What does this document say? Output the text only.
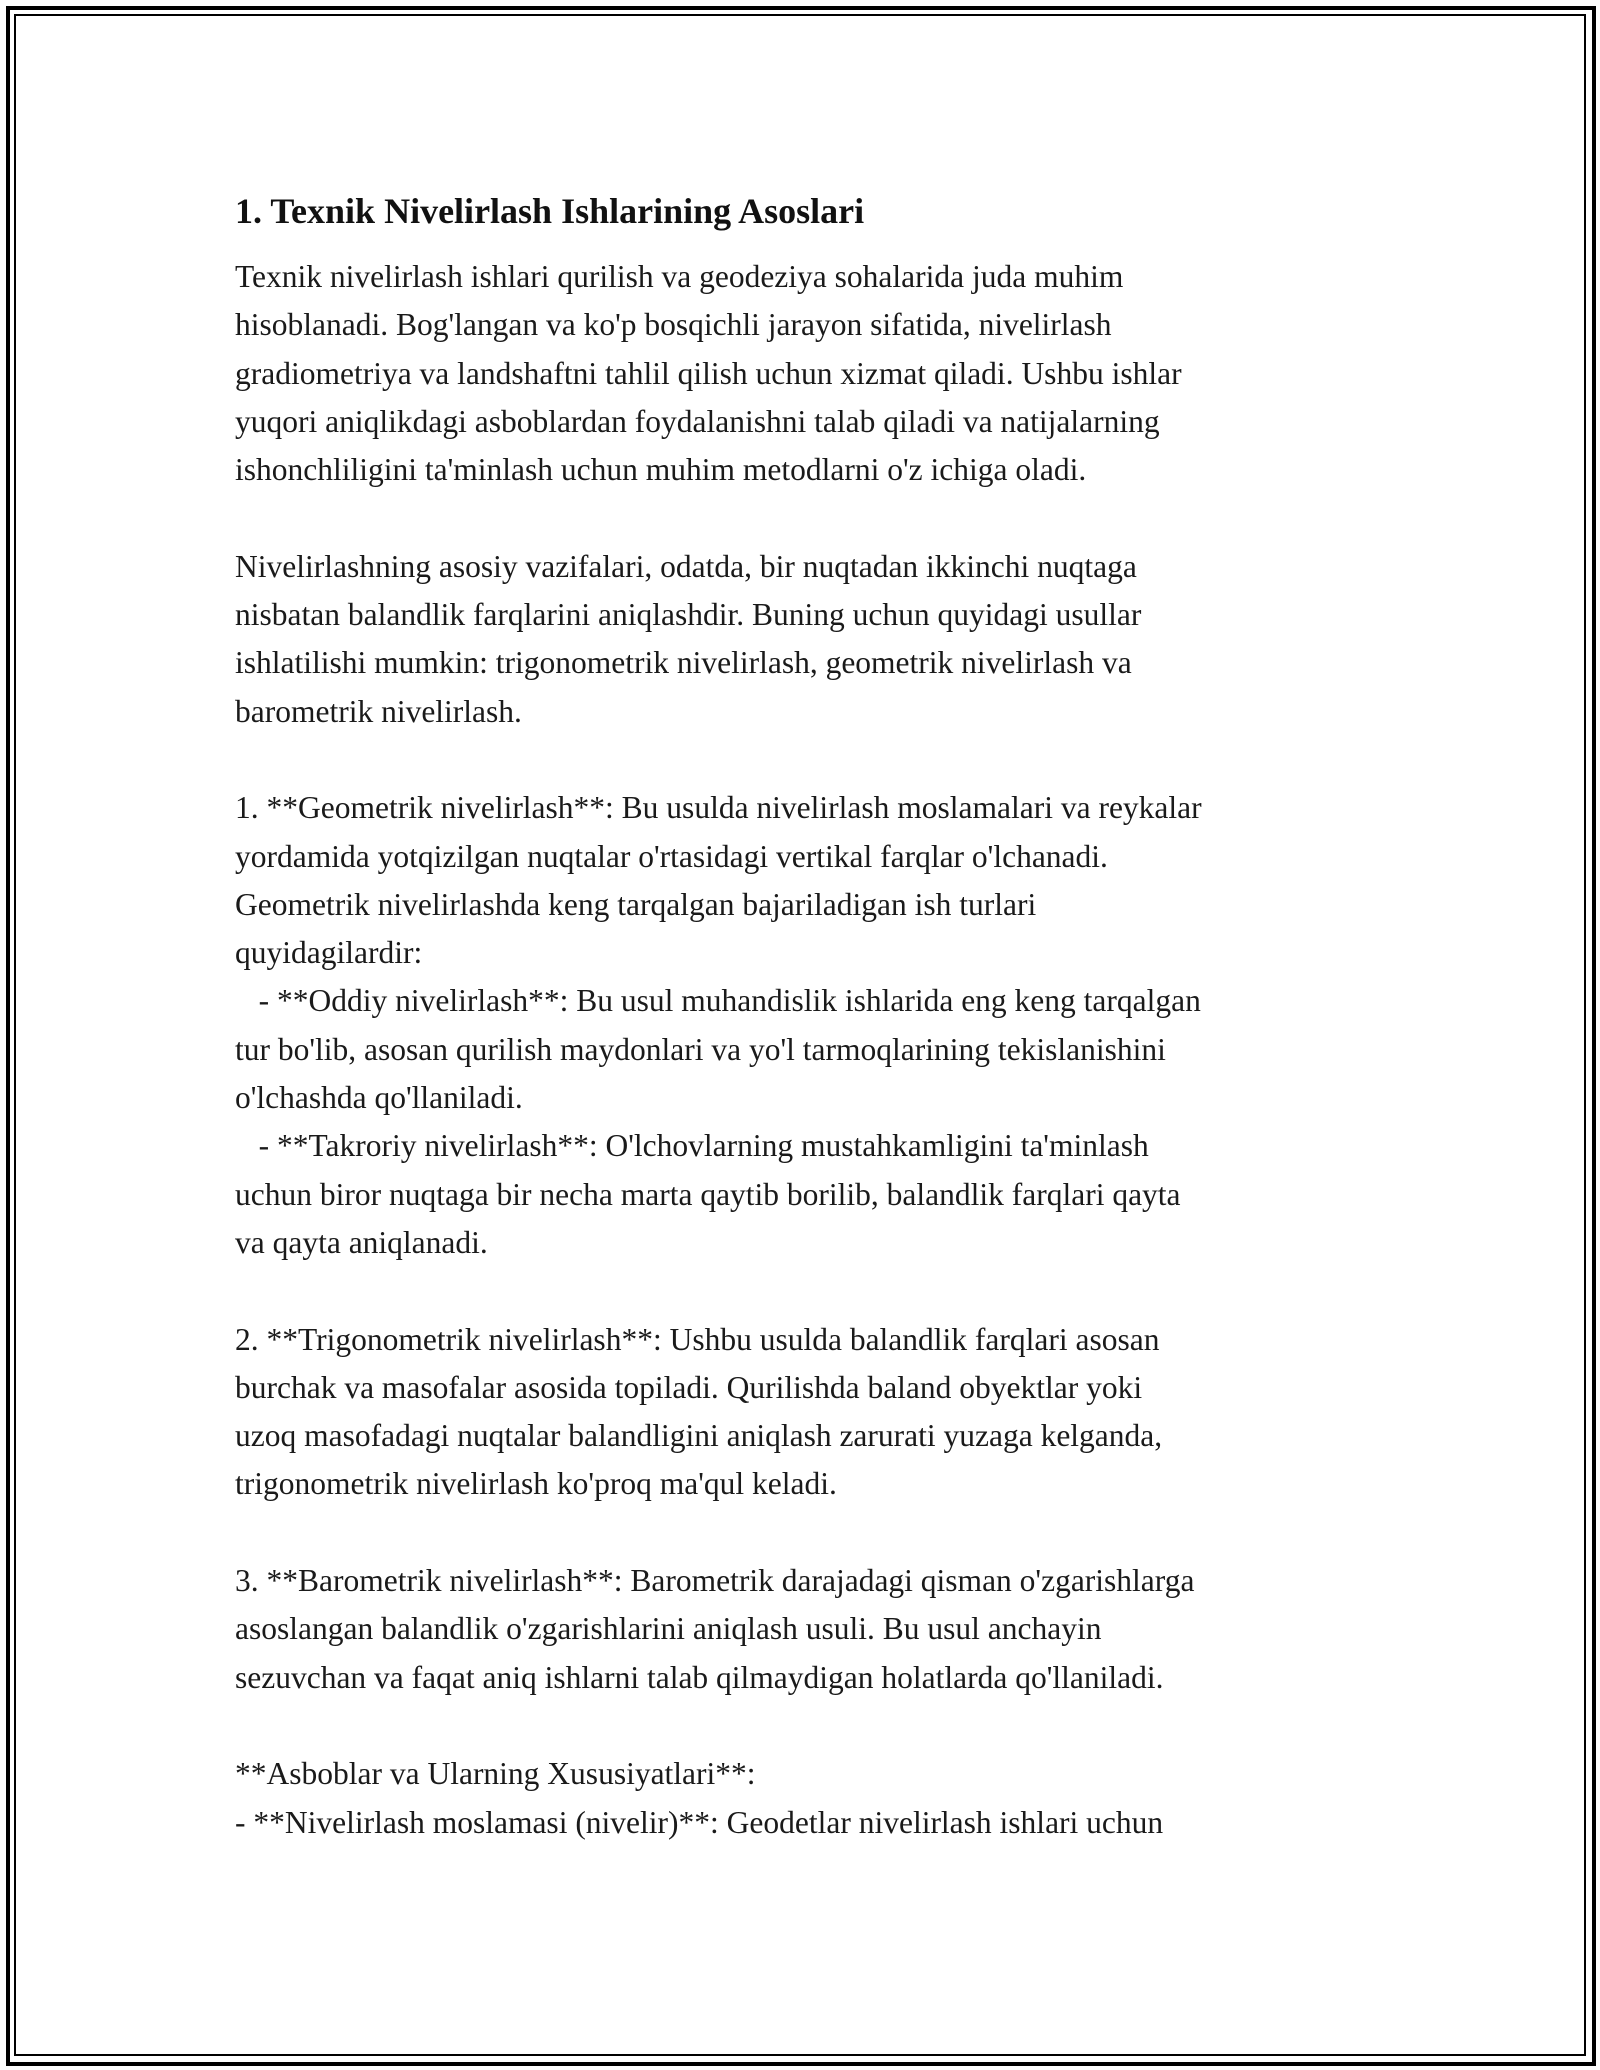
1. Texnik Nivelirlash Ishlarining Asoslari

Texnik nivelirlash ishlari qurilish va geodeziya sohalarida juda muhim
hisoblanadi. Bog'langan va ko'p bosqichli jarayon sifatida, nivelirlash
gradiometriya va landshaftni tahlil qilish uchun xizmat qiladi. Ushbu ishlar
yuqori aniqlikdagi asboblardan foydalanishni talab qiladi va natijalarning
ishonchliligini ta'minlash uchun muhim metodlarni o'z ichiga oladi.

Nivelirlashning asosiy vazifalari, odatda, bir nuqtadan ikkinchi nuqtaga
nisbatan balandlik farqlarini aniqlashdir. Buning uchun quyidagi usullar
ishlatilishi mumkin: trigonometrik nivelirlash, geometrik nivelirlash va
barometrik nivelirlash.

1. **Geometrik nivelirlash**: Bu usulda nivelirlash moslamalari va reykalar
yordamida yotqizilgan nuqtalar o'rtasidagi vertikal farqlar o'lchanadi.
Geometrik nivelirlashda keng tarqalgan bajariladigan ish turlari
quyidagilardir:
- **Oddiy nivelirlash**: Bu usul muhandislik ishlarida eng keng tarqalgan
tur bo'lib, asosan qurilish maydonlari va yo'l tarmoqlarining tekislanishini
o'lchashda qo'llaniladi.
- **Takroriy nivelirlash**: O'lchovlarning mustahkamligini ta'minlash
uchun biror nuqtaga bir necha marta qaytib borilib, balandlik farqlari qayta
va qayta aniqlanadi.

2. **Trigonometrik nivelirlash**: Ushbu usulda balandlik farqlari asosan
burchak va masofalar asosida topiladi. Qurilishda baland obyektlar yoki
uzoq masofadagi nuqtalar balandligini aniqlash zarurati yuzaga kelganda,
trigonometrik nivelirlash ko'proq ma'qul keladi.

3. **Barometrik nivelirlash**: Barometrik darajadagi qisman o'zgarishlarga
asoslangan balandlik o'zgarishlarini aniqlash usuli. Bu usul anchayin
sezuvchan va faqat aniq ishlarni talab qilmaydigan holatlarda qo'llaniladi.

**Asboblar va Ularning Xususiyatlari**:
- **Nivelirlash moslamasi (nivelir)**: Geodetlar nivelirlash ishlari uchun
